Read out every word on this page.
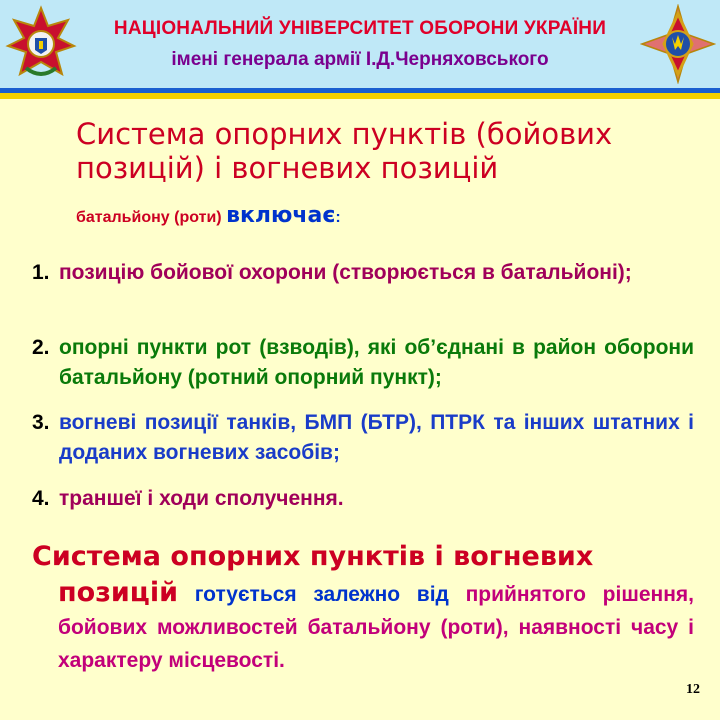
НАЦІОНАЛЬНИЙ УНІВЕРСИТЕТ ОБОРОНИ УКРАЇНИ
імені генерала армії І.Д.Черняховського
Система опорних пунктів (бойових позицій) і вогневих позицій
батальйону (роти) включає:
1. позицію бойової охорони (створюється в батальйоні);
2. опорні пункти рот (взводів), які об’єднані в район оборони батальйону (ротний опорний пункт);
3. вогневі позиції танків, БМП (БТР), ПТРК та інших штатних і доданих вогневих засобів;
4. траншеї і ходи сполучення.
Система опорних пунктів і вогневих
позицій готується залежно від прийнятого рішення, бойових можливостей батальйону (роти), наявності часу і характеру місцевості.
12
